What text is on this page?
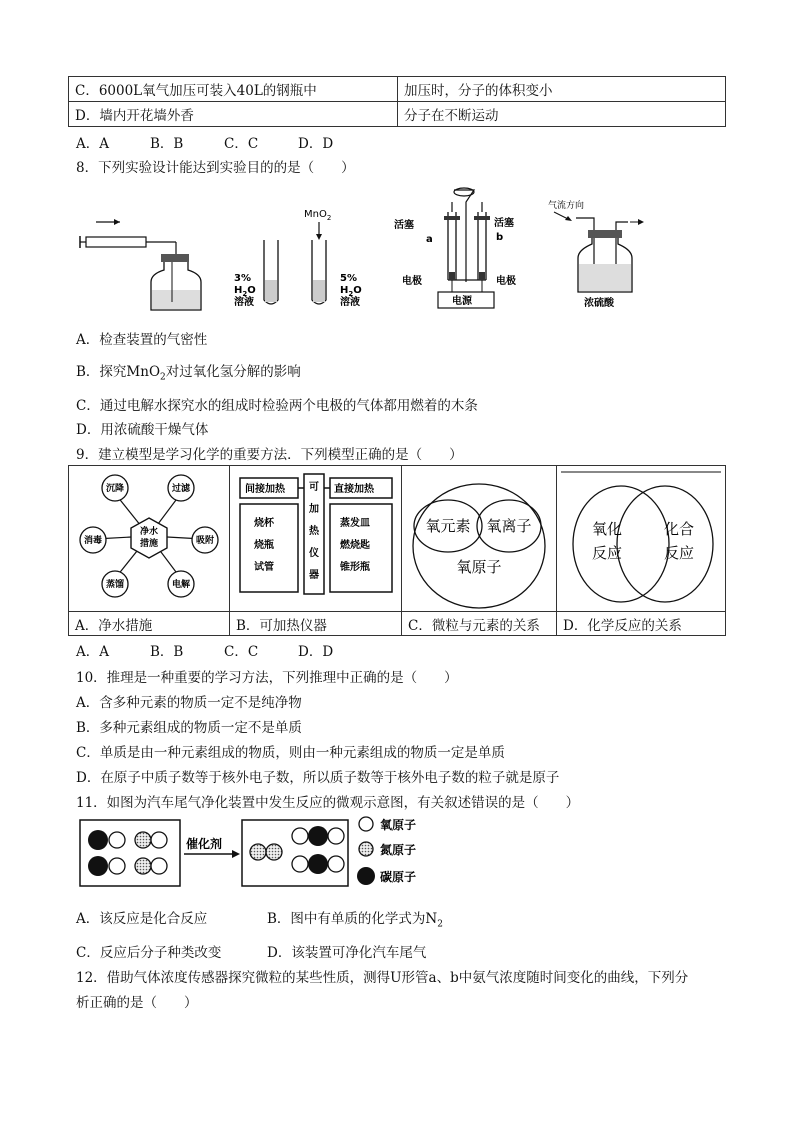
C．6000L氧气加压可装入40L的钢瓶中	加压时，分子的体积变小
D．墙内开花墙外香	分子在不断运动
A．A	B．B	C．C	D．D
8．下列实验设计能达到实验目的的是（　　）
MnO$_2$
3%
$H_2O$
溶液
5%
$H_2O$
溶液
活塞	活塞
a	b
电极	电极
电源
气流方向
浓硫酸
A．检查装置的气密性
B．探究MnO$_2$对过氧化氢分解的影响
C．通过电解水探究水的组成时检验两个电极的气体都用燃着的木条
D．用浓硫酸干燥气体
9．建立模型是学习化学的重要方法．下列模型正确的是（　　）
净水
措施
沉降	过滤
吸附
电解
蒸馏
消毒
间接加热	直接加热
烧杯
烧瓶
试管
蒸发皿
燃烧匙
锥形瓶
可
加
热
仪
器
氧元素 氧离子
氧原子
氧化
反应
化合
反应
A．净水措施	B．可加热仪器	C．微粒与元素的关系 D．化学反应的关系
A．A	B．B	C．C	D．D
10．推理是一种重要的学习方法，下列推理中正确的是（　　）
A．含多种元素的物质一定不是纯净物
B．多种元素组成的物质一定不是单质
C．单质是由一种元素组成的物质，则由一种元素组成的物质一定是单质
D．在原子中质子数等于核外电子数，所以质子数等于核外电子数的粒子就是原子
11．如图为汽车尾气净化装置中发生反应的微观示意图，有关叙述错误的是（　　）
催化剂
氧原子
氮原子
碳原子
A．该反应是化合反应	B．图中有单质的化学式为$N_2$
C．反应后分子种类改变	D．该装置可净化汽车尾气
12．借助气体浓度传感器探究微粒的某些性质，测得U形管a、b中氨气浓度随时间变化的曲线，下列分
析正确的是（　　）
